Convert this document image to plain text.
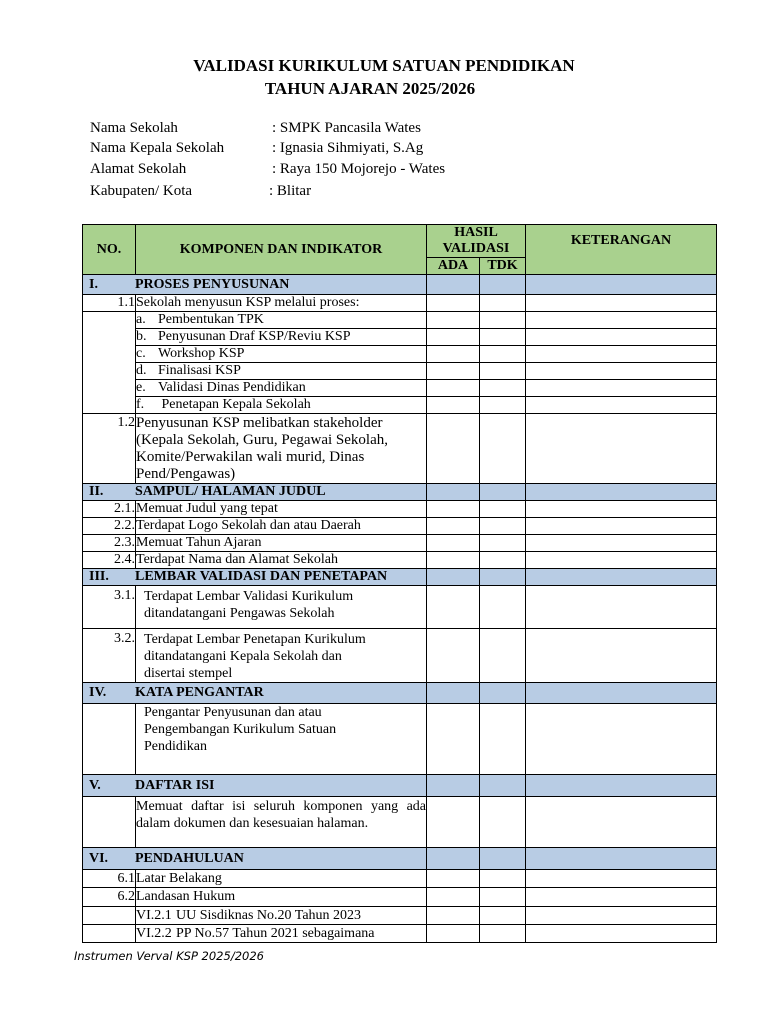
VALIDASI KURIKULUM SATUAN PENDIDIKAN
TAHUN AJARAN 2025/2026
Nama Sekolah	: SMPK Pancasila Wates
Nama Kepala Sekolah	: Ignasia Sihmiyati, S.Ag
Alamat Sekolah	: Raya 150 Mojorejo - Wates
Kabupaten/ Kota	: Blitar
NO.	KOMPONEN DAN INDIKATOR	HASIL VALIDASI		KETERANGAN
		ADA	TDK	
I. PROSES PENYUSUNAN				
1.1	Sekolah menyusun KSP melalui proses:			
	a. Pembentukan TPK			
	b. Penyusunan Draf KSP/Reviu KSP			
	c. Workshop KSP			
	d. Finalisasi KSP			
	e. Validasi Dinas Pendidikan			
	f. Penetapan Kepala Sekolah			
1.2	Penyusunan KSP melibatkan stakeholder (Kepala Sekolah, Guru, Pegawai Sekolah, Komite/Perwakilan wali murid, Dinas Pend/Pengawas)			
II. SAMPUL/ HALAMAN JUDUL				
2.1.	Memuat Judul yang tepat			
2.2.	Terdapat Logo Sekolah dan atau Daerah			
2.3.	Memuat Tahun Ajaran			
2.4.	Terdapat Nama dan Alamat Sekolah			
III. LEMBAR VALIDASI DAN PENETAPAN				
3.1.	Terdapat Lembar Validasi Kurikulum ditandatangani Pengawas Sekolah			
3.2.	Terdapat Lembar Penetapan Kurikulum ditandatangani Kepala Sekolah dan disertai stempel			
IV. KATA PENGANTAR				
	Pengantar Penyusunan dan atau Pengembangan Kurikulum Satuan Pendidikan			
V. DAFTAR ISI				
	Memuat daftar isi seluruh komponen yang ada dalam dokumen dan kesesuaian halaman.			
VI. PENDAHULUAN				
6.1	Latar Belakang			
6.2	Landasan Hukum			
	VI.2.1 UU Sisdiknas No.20 Tahun 2023			
	VI.2.2 PP No.57 Tahun 2021 sebagaimana			
Instrumen Verval KSP 2025/2026
